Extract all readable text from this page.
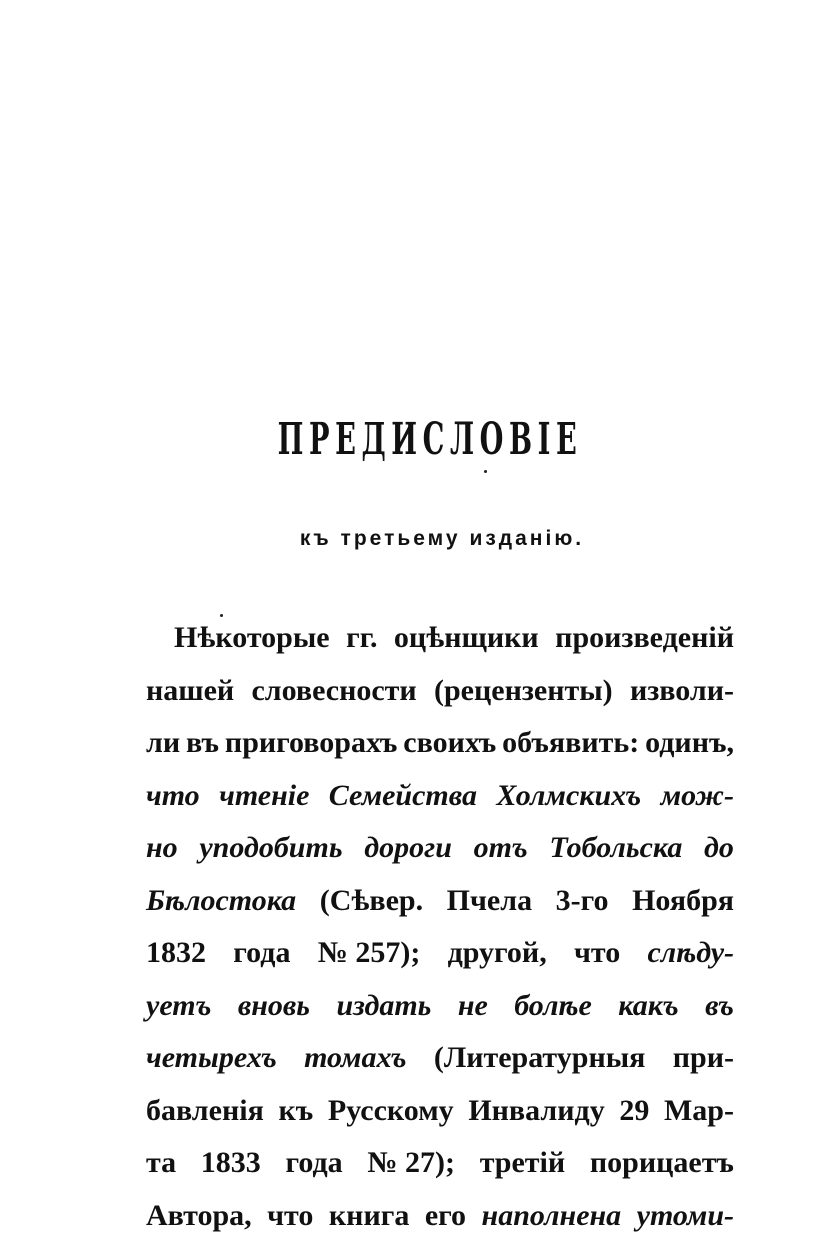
ПРЕДИСЛОВІЕ
къ третьему изданію.
Нѣкоторые гг. оцѣнщики произведеній
нашей словесности (рецензенты) изволи-
ли въ приговорахъ своихъ объявить: одинъ,
что чтеніе Семейства Холмскихъ мож-
но уподобить дороги отъ Тобольска до
Бѣлостока (Сѣвер. Пчела 3-го Ноября
1832 года № 257); другой, что слѣду-
уетъ вновь издать не болѣе какъ въ
четырехъ томахъ (Литературныя при-
бавленія къ Русскому Инвалиду 29 Мар-
та 1833 года № 27); третій порицаетъ
Автора, что книга его наполнена утоми-
